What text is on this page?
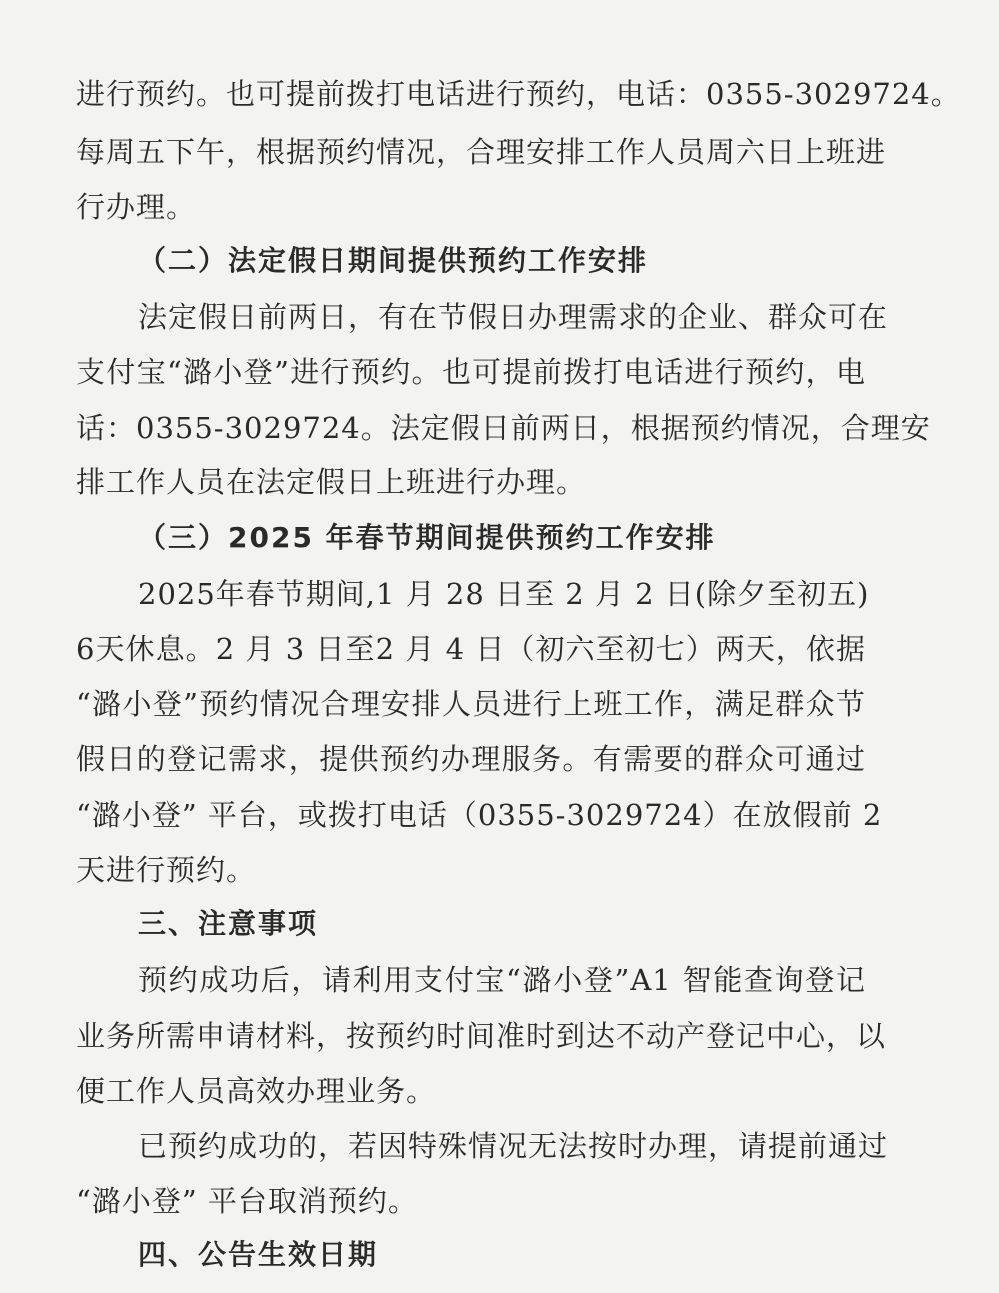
进行预约。也可提前拨打电话进行预约，电话：0355-3029724。
每周五下午，根据预约情况，合理安排工作人员周六日上班进
行办理。
（二）法定假日期间提供预约工作安排
法定假日前两日，有在节假日办理需求的企业、群众可在
支付宝“潞小登”进行预约。也可提前拨打电话进行预约，电
话：0355-3029724。法定假日前两日，根据预约情况，合理安
排工作人员在法定假日上班进行办理。
（三）2025 年春节期间提供预约工作安排
2025年春节期间,1 月 28 日至 2 月 2 日(除夕至初五)
6天休息。2 月 3 日至2 月 4 日（初六至初七）两天，依据
“潞小登”预约情况合理安排人员进行上班工作，满足群众节
假日的登记需求，提供预约办理服务。有需要的群众可通过
“潞小登” 平台，或拨打电话（0355-3029724）在放假前 2
天进行预约。
三、注意事项
预约成功后，请利用支付宝“潞小登”A1 智能查询登记
业务所需申请材料，按预约时间准时到达不动产登记中心，以
便工作人员高效办理业务。
已预约成功的，若因特殊情况无法按时办理，请提前通过
“潞小登” 平台取消预约。
四、公告生效日期
